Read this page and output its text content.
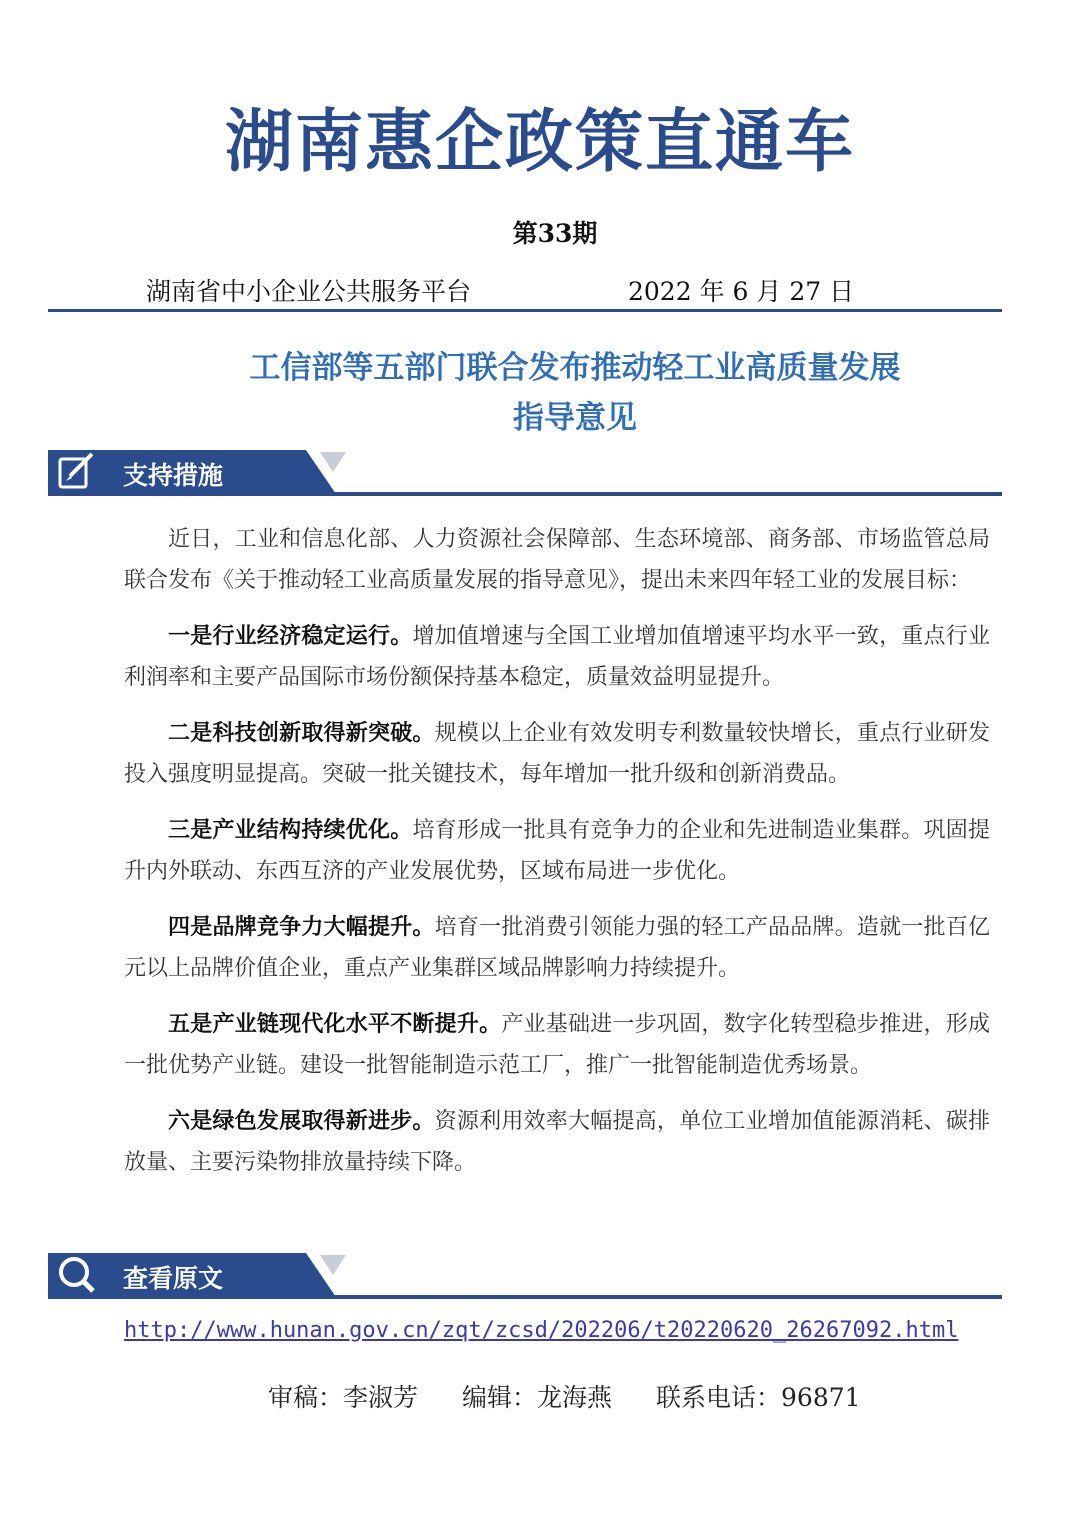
湖南惠企政策直通车
第33期
湖南省中小企业公共服务平台	2022 年 6 月 27 日
工信部等五部门联合发布推动轻工业高质量发展
指导意见
支持措施

近日，工业和信息化部、人力资源社会保障部、生态环境部、商务部、市场监管总局联合发布《关于推动轻工业高质量发展的指导意见》，提出未来四年轻工业的发展目标：

一是行业经济稳定运行。增加值增速与全国工业增加值增速平均水平一致，重点行业利润率和主要产品国际市场份额保持基本稳定，质量效益明显提升。

二是科技创新取得新突破。规模以上企业有效发明专利数量较快增长，重点行业研发投入强度明显提高。突破一批关键技术，每年增加一批升级和创新消费品。

三是产业结构持续优化。培育形成一批具有竞争力的企业和先进制造业集群。巩固提升内外联动、东西互济的产业发展优势，区域布局进一步优化。

四是品牌竞争力大幅提升。培育一批消费引领能力强的轻工产品品牌。造就一批百亿元以上品牌价值企业，重点产业集群区域品牌影响力持续提升。

五是产业链现代化水平不断提升。产业基础进一步巩固，数字化转型稳步推进，形成一批优势产业链。建设一批智能制造示范工厂，推广一批智能制造优秀场景。

六是绿色发展取得新进步。资源利用效率大幅提高，单位工业增加值能源消耗、碳排放量、主要污染物排放量持续下降。

查看原文
http://www.hunan.gov.cn/zqt/zcsd/202206/t20220620_26267092.html
审稿：李淑芳 编辑：龙海燕 联系电话：96871
